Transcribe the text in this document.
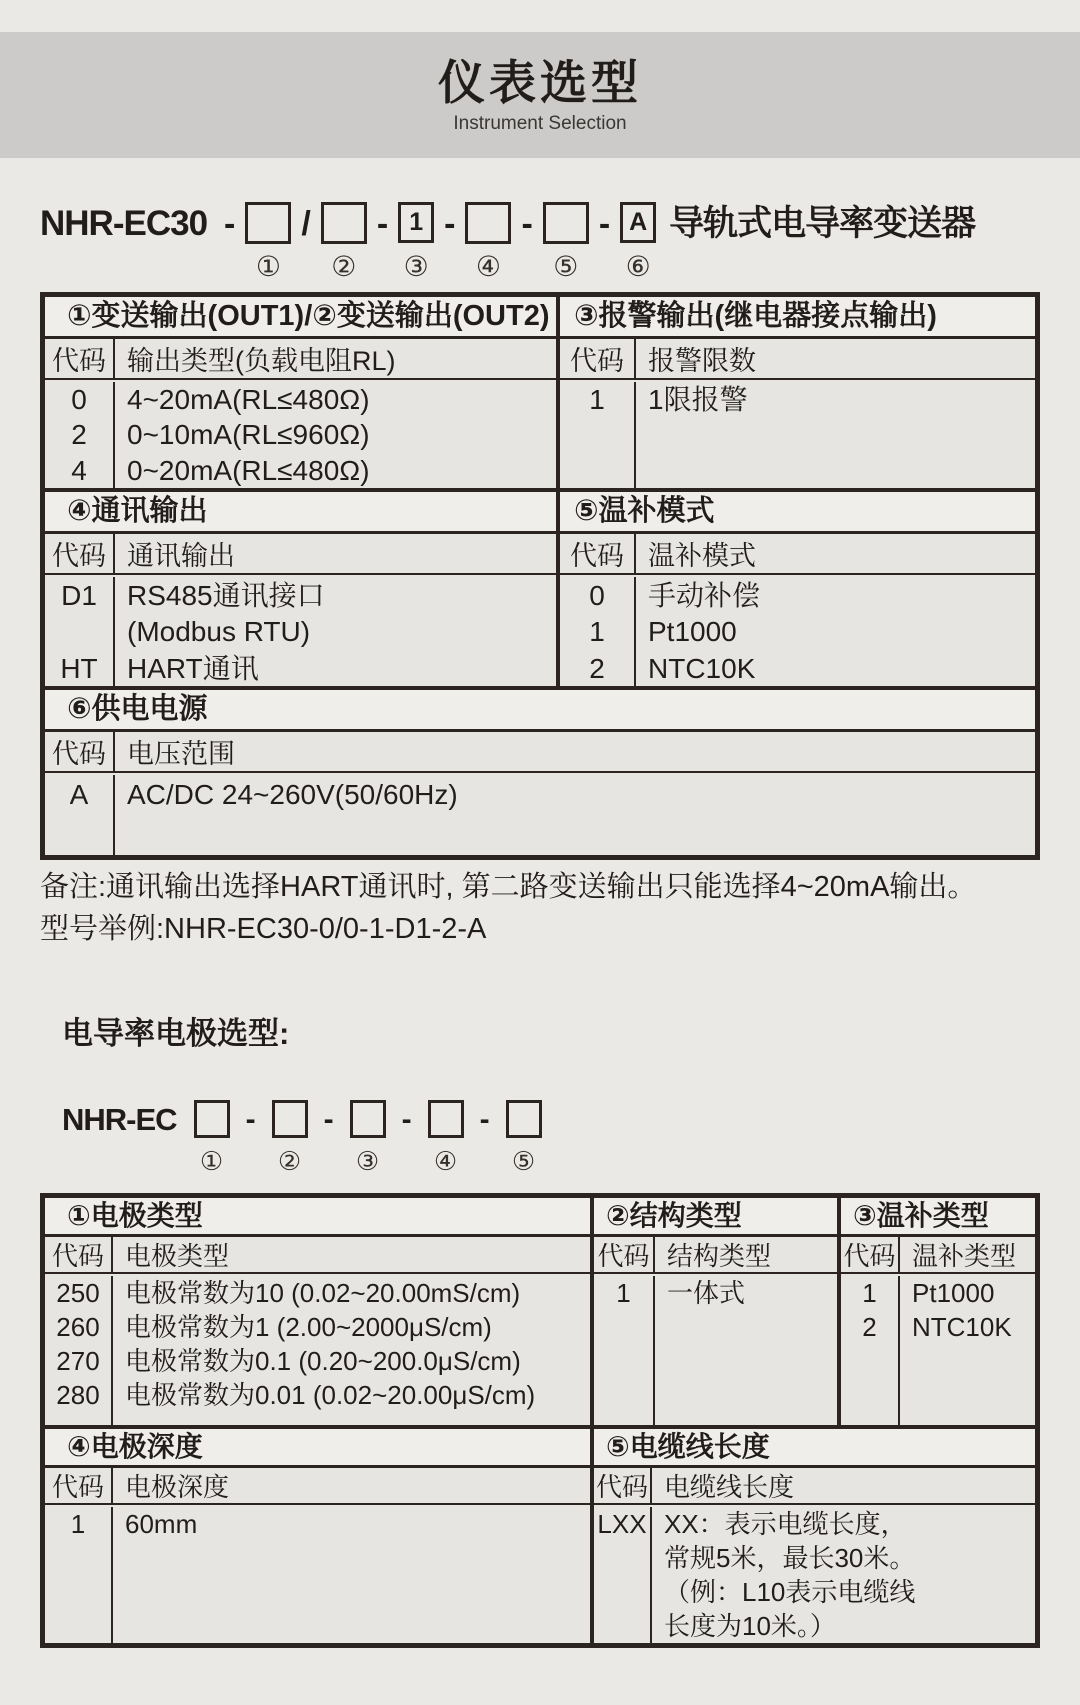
仪表选型
Instrument Selection
NHR-EC30 -
①
/
②
- 1
③
-
④
-
⑤
- A
⑥
导轨式电导率变送器
①变送输出(OUT1)/②变送输出(OUT2)
代码 输出类型(负载电阻RL)
0
2
4
4~20mA(RL≤480Ω)
0~10mA(RL≤960Ω)
0~20mA(RL≤480Ω)
③报警输出(继电器接点输出)
代码 报警限数
1 1限报警
④通讯输出
代码 通讯输出
D1
HT
RS485通讯接口
(Modbus RTU)
HART通讯
⑤温补模式
代码 温补模式
0
1
2
手动补偿
Pt1000
NTC10K
⑥供电电源
代码 电压范围
A AC/DC 24~260V(50/60Hz)
备注:通讯输出选择HART通讯时, 第二路变送输出只能选择4~20mA输出。
型号举例:NHR-EC30-0/0-1-D1-2-A
电导率电极选型:
NHR-EC
①
-
②
-
③
-
④
-
⑤
①电极类型
代码 电极类型
250
260
270
280
电极常数为10 (0.02~20.00mS/cm)
电极常数为1 (2.00~2000μS/cm)
电极常数为0.1 (0.20~200.0μS/cm)
电极常数为0.01 (0.02~20.00μS/cm)
②结构类型
代码 结构类型
1 一体式
③温补类型
代码 温补类型
1
2
Pt1000
NTC10K
④电极深度
代码 电极深度
1 60mm
⑤电缆线长度
代码 电缆线长度
LXX XX：表示电缆长度，
常规5米，最长30米。
（例：L10表示电缆线
长度为10米。）
